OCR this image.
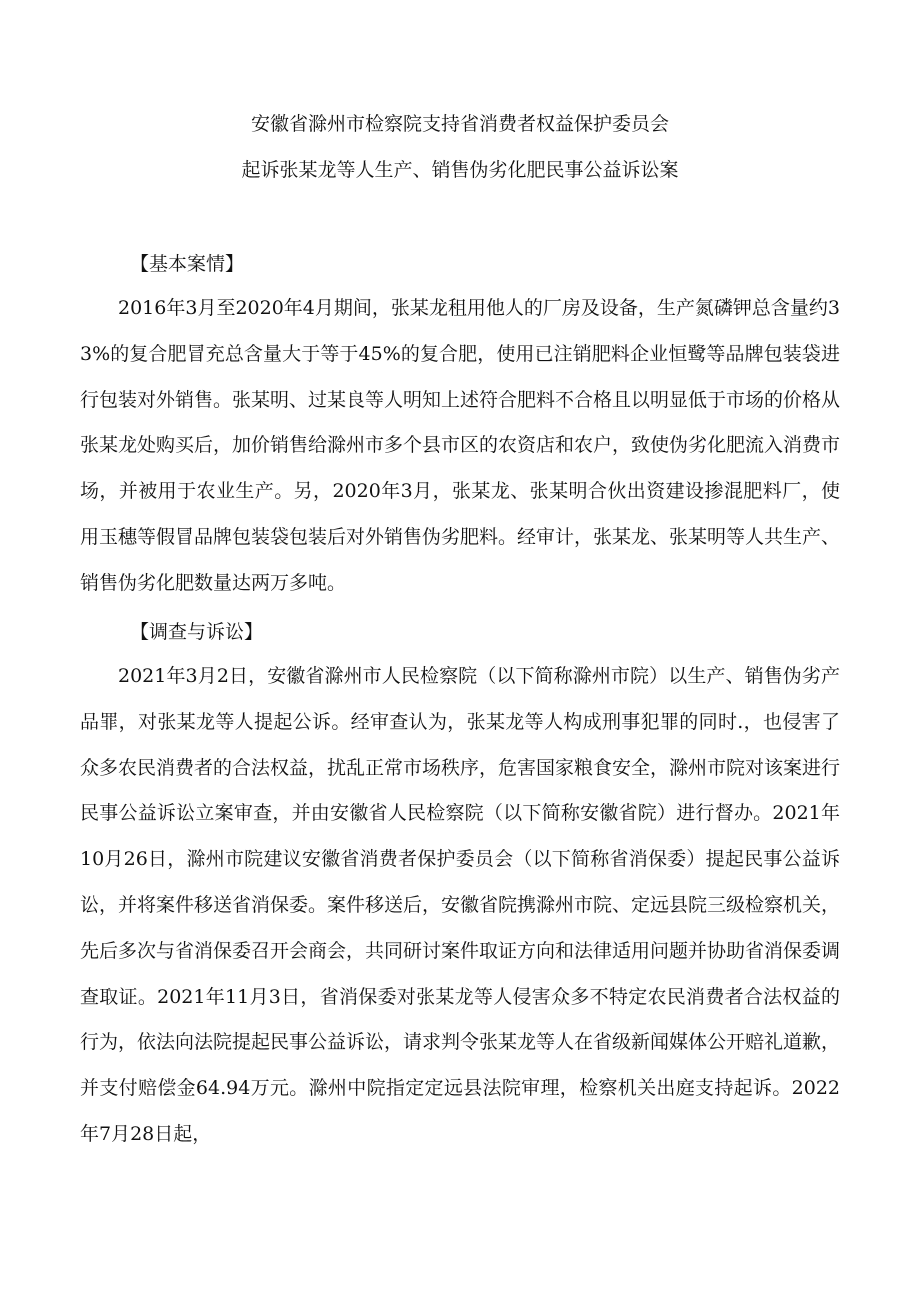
安徽省滁州市检察院支持省消费者权益保护委员会
起诉张某龙等人生产、销售伪劣化肥民事公益诉讼案
【基本案情】

2016年3月至2020年4月期间，张某龙租用他人的厂房及设备，生产氮磷钾总含量约33%的复合肥冒充总含量大于等于45%的复合肥，使用已注销肥料企业恒鹭等品牌包装袋进行包装对外销售。张某明、过某良等人明知上述符合肥料不合格且以明显低于市场的价格从张某龙处购买后，加价销售给滁州市多个县市区的农资店和农户，致使伪劣化肥流入消费市场，并被用于农业生产。另，2020年3月，张某龙、张某明合伙出资建设掺混肥料厂，使用玉穗等假冒品牌包装袋包装后对外销售伪劣肥料。经审计，张某龙、张某明等人共生产、销售伪劣化肥数量达两万多吨。

【调查与诉讼】

2021年3月2日，安徽省滁州市人民检察院（以下简称滁州市院）以生产、销售伪劣产品罪，对张某龙等人提起公诉。经审查认为，张某龙等人构成刑事犯罪的同时.，也侵害了众多农民消费者的合法权益，扰乱正常市场秩序，危害国家粮食安全，滁州市院对该案进行民事公益诉讼立案审查，并由安徽省人民检察院（以下简称安徽省院）进行督办。2021年10月26日，滁州市院建议安徽省消费者保护委员会（以下简称省消保委）提起民事公益诉讼，并将案件移送省消保委。案件移送后，安徽省院携滁州市院、定远县院三级检察机关，先后多次与省消保委召开会商会，共同研讨案件取证方向和法律适用问题并协助省消保委调查取证。2021年11月3日，省消保委对张某龙等人侵害众多不特定农民消费者合法权益的行为，依法向法院提起民事公益诉讼，请求判令张某龙等人在省级新闻媒体公开赔礼道歉，并支付赔偿金64.94万元。滁州中院指定定远县法院审理，检察机关出庭支持起诉。2022年7月28日起，
